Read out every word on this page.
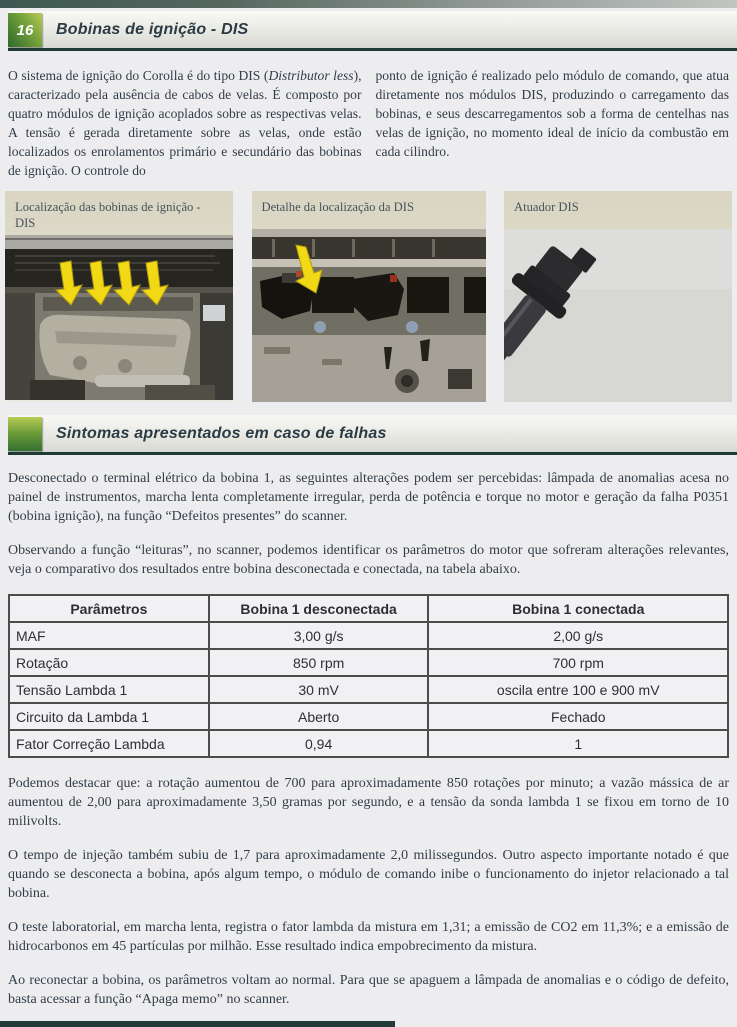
16	Bobinas de ignição - DIS
O sistema de ignição do Corolla é do tipo DIS (Distributor less), caracterizado pela ausência de cabos de velas. É composto por quatro módulos de ignição acoplados sobre as respectivas velas. A tensão é gerada diretamente sobre as velas, onde estão localizados os enrolamentos primário e secundário das bobinas de ignição. O controle do
ponto de ignição é realizado pelo módulo de comando, que atua diretamente nos módulos DIS, produzindo o carregamento das bobinas, e seus descarregamentos sob a forma de centelhas nas velas de ignição, no momento ideal de início da combustão em cada cilindro.
Localização das bobinas de ignição - DIS
Detalhe da localização da DIS	Atuador DIS
Sintomas apresentados em caso de falhas

Desconectado o terminal elétrico da bobina 1, as seguintes alterações podem ser percebidas: lâmpada de anomalias acesa no painel de instrumentos, marcha lenta completamente irregular, perda de potência e torque no motor e geração da falha P0351 (bobina ignição), na função “Defeitos presentes” do scanner.

Observando a função “leituras”, no scanner, podemos identificar os parâmetros do motor que sofreram alterações relevantes, veja o comparativo dos resultados entre bobina desconectada e conectada, na tabela abaixo.

Parâmetros	Bobina 1 desconectada	Bobina 1 conectada
MAF	3,00 g/s	2,00 g/s
Rotação	850 rpm	700 rpm
Tensão Lambda 1	30 mV	oscila entre 100 e 900 mV
Circuito da Lambda 1	Aberto	Fechado
Fator Correção Lambda	0,94	1

Podemos destacar que: a rotação aumentou de 700 para aproximadamente 850 rotações por minuto; a vazão mássica de ar aumentou de 2,00 para aproximadamente 3,50 gramas por segundo, e a tensão da sonda lambda 1 se fixou em torno de 10 milivolts.

O tempo de injeção também subiu de 1,7 para aproximadamente 2,0 milissegundos. Outro aspecto importante notado é que quando se desconecta a bobina, após algum tempo, o módulo de comando inibe o funcionamento do injetor relacionado a tal bobina.

O teste laboratorial, em marcha lenta, registra o fator lambda da mistura em 1,31; a emissão de CO2 em 11,3%; e a emissão de hidrocarbonos em 45 partículas por milhão. Esse resultado indica empobrecimento da mistura.

Ao reconectar a bobina, os parâmetros voltam ao normal. Para que se apaguem a lâmpada de anomalias e o código de defeito, basta acessar a função “Apaga memo” no scanner.
